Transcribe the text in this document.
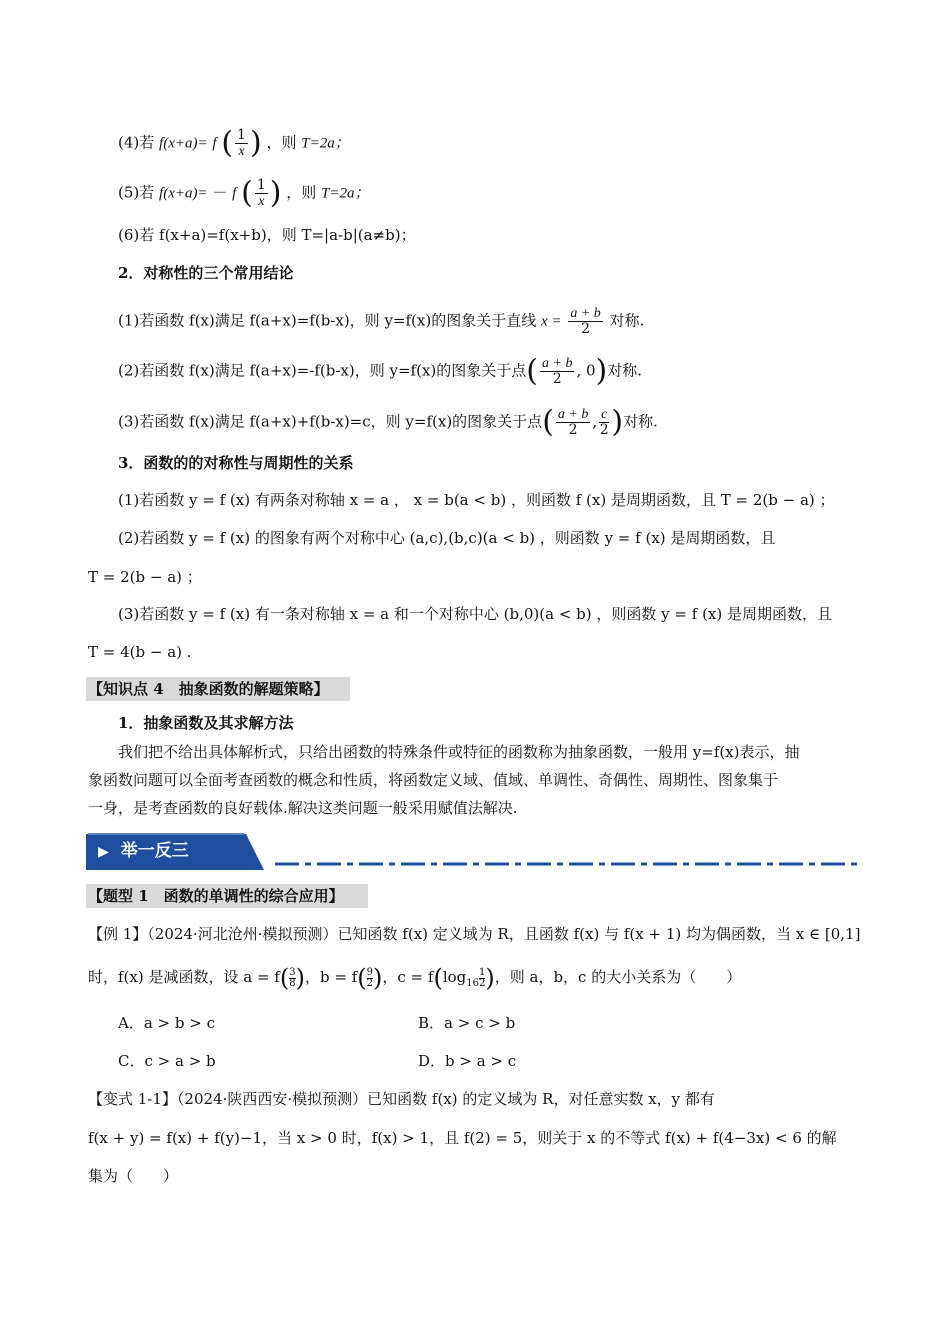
(4)若 f(x+a)= f ( $\frac{1}{x}$ ) ，则 T=2a；
(5)若 f(x+a)= － f ( $\frac{1}{x}$ ) ，则 T=2a；
(6)若 f(x+a)=f(x+b)，则 T=|a-b|(a≠b)；
2．对称性的三个常用结论
(1)若函数 f(x)满足 f(a+x)=f(b-x)，则 y=f(x)的图象关于直线 $x = \frac{a + b}{2}$ 对称.
(2)若函数 f(x)满足 f(a+x)=-f(b-x)，则 y=f(x)的图象关于点( $\frac{a + b}{2}$ , 0)对称.
(3)若函数 f(x)满足 f(a+x)+f(b-x)=c，则 y=f(x)的图象关于点( $\frac{a + b}{2}$ , $\frac{c}{2}$ )对称.
3．函数的的对称性与周期性的关系
(1)若函数 y = f (x) 有两条对称轴 x = a ， x = b(a < b) ，则函数 f (x) 是周期函数，且 T = 2(b − a) ；
(2)若函数 y = f (x) 的图象有两个对称中心 (a,c),(b,c)(a < b) ，则函数 y = f (x) 是周期函数，且
T = 2(b − a) ；
(3)若函数 y = f (x) 有一条对称轴 x = a 和一个对称中心 (b,0)(a < b) ，则函数 y = f (x) 是周期函数，且
T = 4(b − a) .
【知识点 4　抽象函数的解题策略】
1．抽象函数及其求解方法
我们把不给出具体解析式，只给出函数的特殊条件或特征的函数称为抽象函数，一般用 y=f(x)表示，抽
象函数问题可以全面考查函数的概念和性质，将函数定义域、值域、单调性、奇偶性、周期性、图象集于
一身，是考查函数的良好载体.解决这类问题一般采用赋值法解决.
▶ 举一反三
【题型 1　函数的单调性的综合应用】
【例 1】（2024·河北沧州·模拟预测）已知函数 f(x) 定义域为 R，且函数 f(x) 与 f(x + 1) 均为偶函数，当 x ∈ [0,1]
时，f(x) 是减函数，设 $a = f( \frac{3}{8}$ )，$b = f( \frac{9}{2}$ )，$c = f(\log_{16} \frac{1}{2}$ )，则 a，b，c 的大小关系为（　　）
A．a > b > c	B．a > c > b
C．c > a > b	D．b > a > c
【变式 1-1】（2024·陕西西安·模拟预测）已知函数 f(x) 的定义域为 R，对任意实数 x，y 都有
f(x + y) = f(x) + f(y)−1，当 x > 0 时，f(x) > 1，且 f(2) = 5，则关于 x 的不等式 f(x) + f(4−3x) < 6 的解
集为（　　）
